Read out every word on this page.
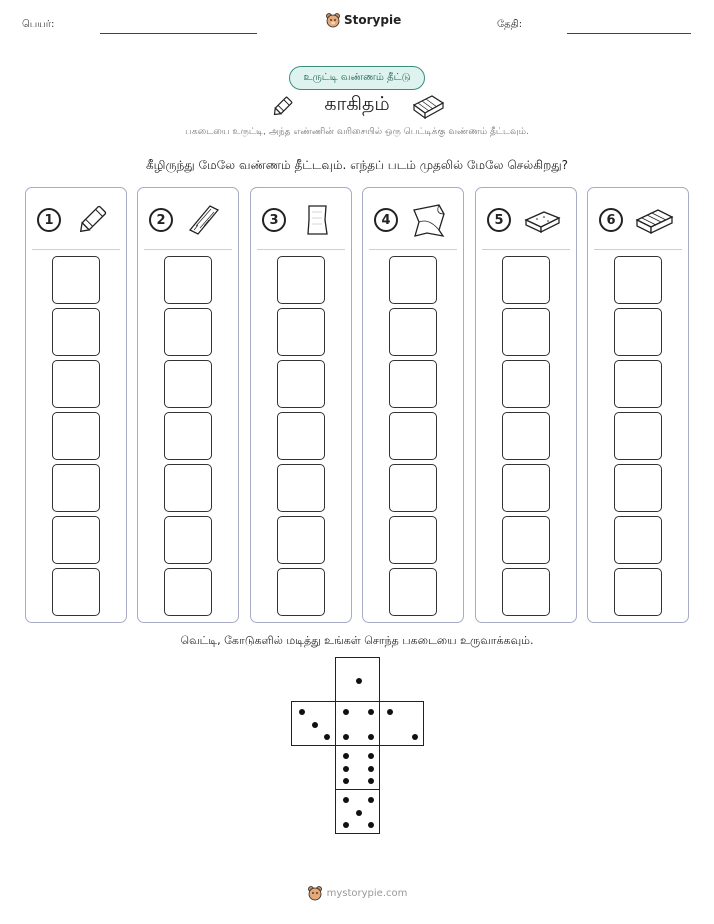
பெயர்:	Storypie	தேதி:
உருட்டி வண்ணம் தீட்டு
காகிதம்
பகடையை உருட்டி, அந்த எண்ணின் வரிசையில் ஒரு பெட்டிக்கு வண்ணம் தீட்டவும்.
கீழிருந்து மேலே வண்ணம் தீட்டவும். எந்தப் படம் முதலில் மேலே செல்கிறது?
1	2	3	4	5	6
வெட்டி, கோடுகளில் மடித்து உங்கள் சொந்த பகடையை உருவாக்கவும்.
mystorypie.com
